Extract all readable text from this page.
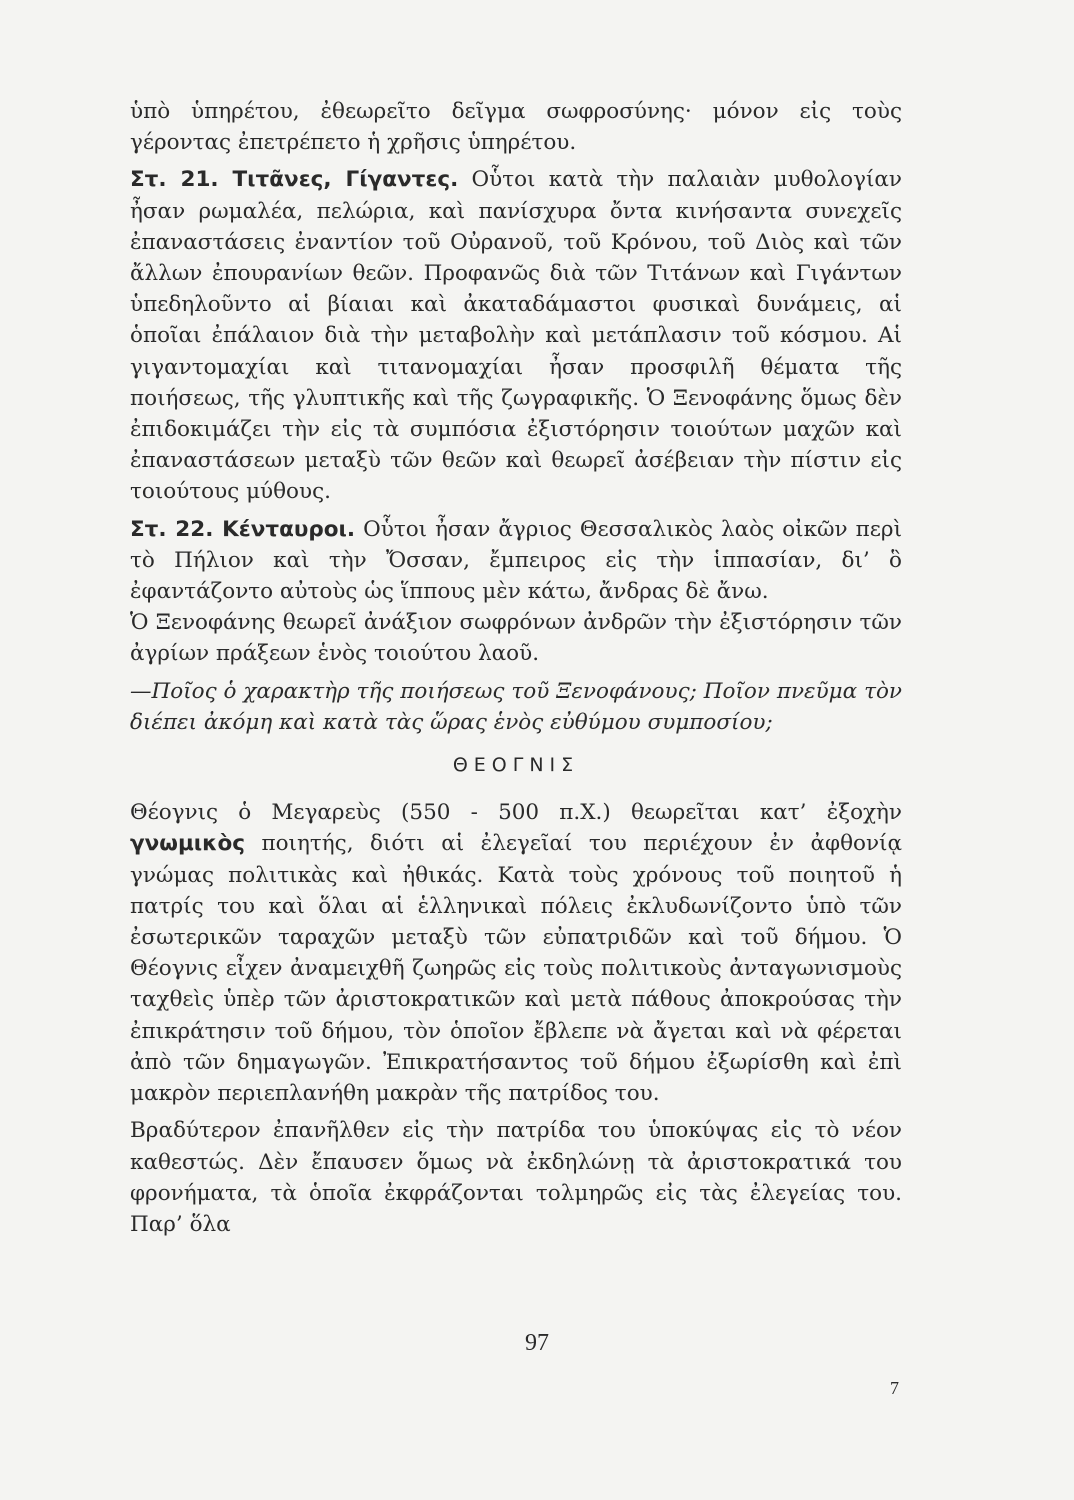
ὑπὸ ὑπηρέτου, ἐθεωρεῖτο δεῖγμα σωφροσύνης· μόνον εἰς τοὺς γέροντας ἐπετρέπετο ἡ χρῆσις ὑπηρέτου.

Στ. 21. Τιτᾶνες, Γίγαντες. Οὗτοι κατὰ τὴν παλαιὰν μυθολογίαν ἦσαν ρωμαλέα, πελώρια, καὶ πανίσχυρα ὄντα κινήσαντα συνεχεῖς ἐπαναστάσεις ἐναντίον τοῦ Οὐρανοῦ, τοῦ Κρόνου, τοῦ Διὸς καὶ τῶν ἄλλων ἐπουρανίων θεῶν. Προφανῶς διὰ τῶν Τιτάνων καὶ Γιγάντων ὑπεδηλοῦντο αἱ βίαιαι καὶ ἀκαταδάμαστοι φυσικαὶ δυνάμεις, αἱ ὁποῖαι ἐπάλαιον διὰ τὴν μεταβολὴν καὶ μετάπλασιν τοῦ κόσμου. Αἱ γιγαντομαχίαι καὶ τιτανομαχίαι ἦσαν προσφιλῆ θέματα τῆς ποιήσεως, τῆς γλυπτικῆς καὶ τῆς ζωγραφικῆς. Ὁ Ξενοφάνης ὅμως δὲν ἐπιδοκιμάζει τὴν εἰς τὰ συμπόσια ἐξιστόρησιν τοιούτων μαχῶν καὶ ἐπαναστάσεων μεταξὺ τῶν θεῶν καὶ θεωρεῖ ἀσέβειαν τὴν πίστιν εἰς τοιούτους μύθους.

Στ. 22. Κένταυροι. Οὗτοι ἦσαν ἄγριος Θεσσαλικὸς λαὸς οἰκῶν περὶ τὸ Πήλιον καὶ τὴν Ὄσσαν, ἔμπειρος εἰς τὴν ἱππασίαν, δι’ ὃ ἐφαντάζοντο αὐτοὺς ὡς ἵππους μὲν κάτω, ἄνδρας δὲ ἄνω.

Ὁ Ξενοφάνης θεωρεῖ ἀνάξιον σωφρόνων ἀνδρῶν τὴν ἐξιστόρησιν τῶν ἀγρίων πράξεων ἑνὸς τοιούτου λαοῦ.

—Ποῖος ὁ χαρακτὴρ τῆς ποιήσεως τοῦ Ξενοφάνους; Ποῖον πνεῦμα τὸν διέπει ἀκόμη καὶ κατὰ τὰς ὥρας ἑνὸς εὐθύμου συμποσίου;

ΘΕΟΓΝΙΣ

Θέογνις ὁ Μεγαρεὺς (550 - 500 π.Χ.) θεωρεῖται κατ’ ἐξοχὴν γνωμικὸς ποιητής, διότι αἱ ἐλεγεῖαί του περιέχουν ἐν ἀφθονίᾳ γνώμας πολιτικὰς καὶ ἠθικάς. Κατὰ τοὺς χρόνους τοῦ ποιητοῦ ἡ πατρίς του καὶ ὅλαι αἱ ἑλληνικαὶ πόλεις ἐκλυδωνίζοντο ὑπὸ τῶν ἐσωτερικῶν ταραχῶν μεταξὺ τῶν εὐπατριδῶν καὶ τοῦ δήμου. Ὁ Θέογνις εἶχεν ἀναμειχθῆ ζωηρῶς εἰς τοὺς πολιτικοὺς ἀνταγωνισμοὺς ταχθεὶς ὑπὲρ τῶν ἀριστοκρατικῶν καὶ μετὰ πάθους ἀποκρούσας τὴν ἐπικράτησιν τοῦ δήμου, τὸν ὁποῖον ἔβλεπε νὰ ἄγεται καὶ νὰ φέρεται ἀπὸ τῶν δημαγωγῶν. Ἐπικρατήσαντος τοῦ δήμου ἐξωρίσθη καὶ ἐπὶ μακρὸν περιεπλανήθη μακρὰν τῆς πατρίδος του.

Βραδύτερον ἐπανῆλθεν εἰς τὴν πατρίδα του ὑποκύψας εἰς τὸ νέον καθεστώς. Δὲν ἔπαυσεν ὅμως νὰ ἐκδηλώνῃ τὰ ἀριστοκρατικά του φρονήματα, τὰ ὁποῖα ἐκφράζονται τολμηρῶς εἰς τὰς ἐλεγείας του. Παρ’ ὅλα

97
7
